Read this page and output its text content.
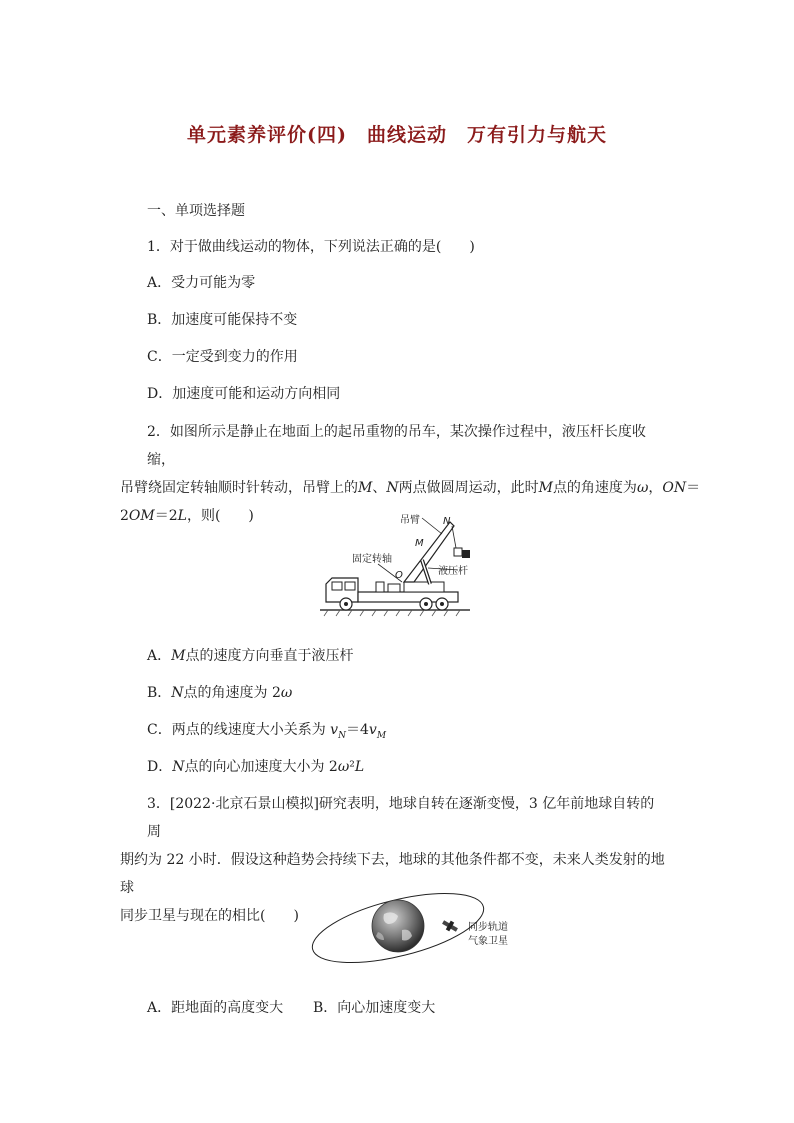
单元素养评价(四)　曲线运动　万有引力与航天
一、单项选择题
1．对于做曲线运动的物体，下列说法正确的是(　　)
A．受力可能为零
B．加速度可能保持不变
C．一定受到变力的作用
D．加速度可能和运动方向相同

2．如图所示是静止在地面上的起吊重物的吊车，某次操作过程中，液压杆长度收缩，

吊臂绕固定转轴顺时针转动，吊臂上的M、N两点做圆周运动，此时M点的角速度为ω，ON＝

2OM＝2L，则(　　)	吊臂 N
M
固定转轴
O	液压杆
A．M点的速度方向垂直于液压杆
B．N点的角速度为 2ω
C．两点的线速度大小关系为 $v_N=4v_M$
D．N点的向心加速度大小为 2ω²L

3．[2022·北京石景山模拟]研究表明，地球自转在逐渐变慢，3 亿年前地球自转的周

期约为 22 小时．假设这种趋势会持续下去，地球的其他条件都不变，未来人类发射的地球

同步卫星与现在的相比(　　)

同步轨道
气象卫星
A．距地面的高度变大 B．向心加速度变大
